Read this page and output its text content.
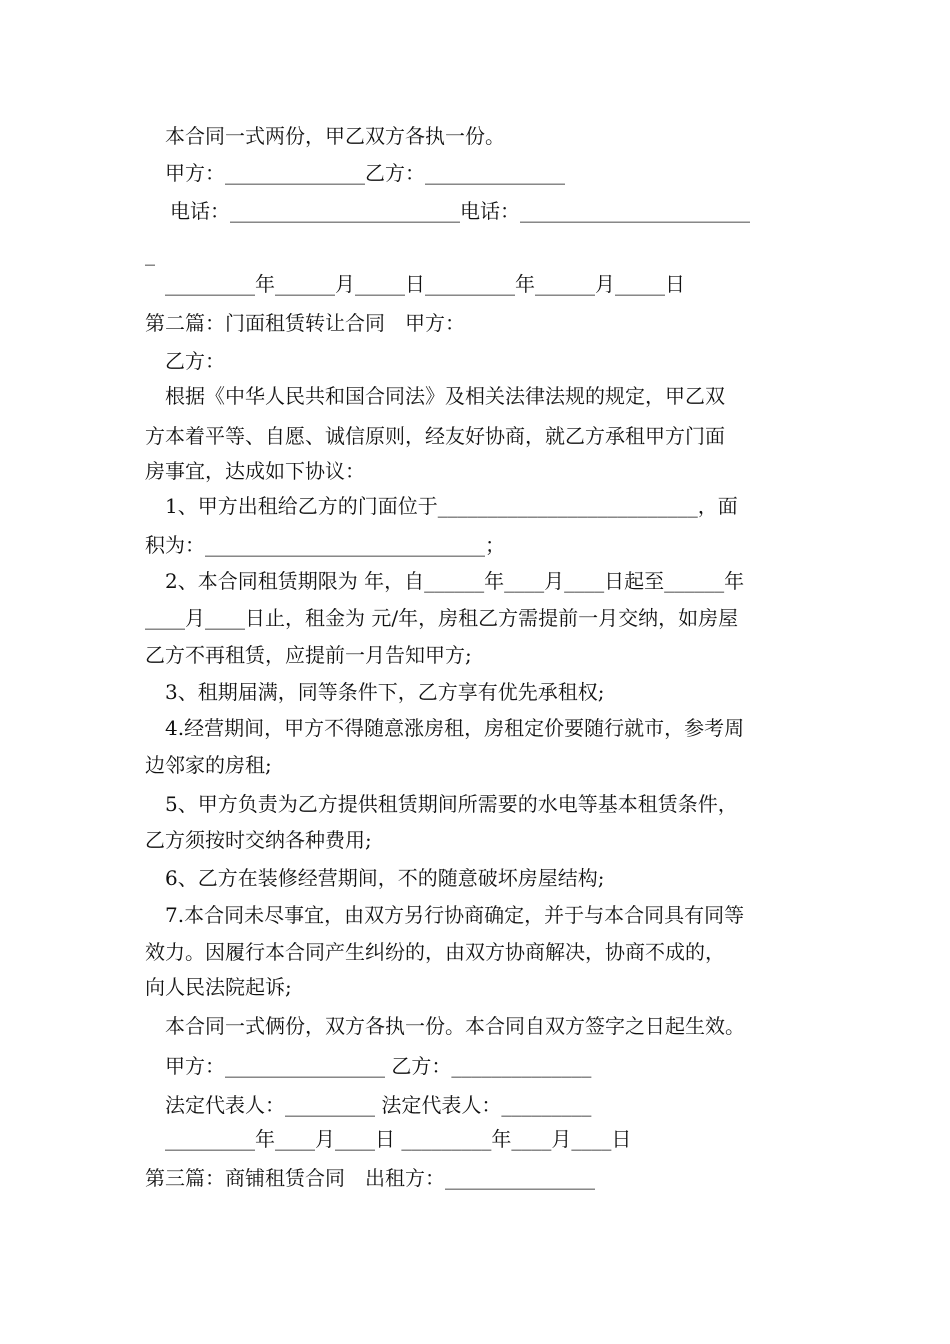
本合同一式两份，甲乙双方各执一份。
甲方：______________乙方：______________
电话：_______________________电话：_______________________
_
_________年______月_____日_________年______月_____日
第二篇：门面租赁转让合同　甲方：
乙方：
根据《中华人民共和国合同法》及相关法律法规的规定，甲乙双
方本着平等、自愿、诚信原则，经友好协商，就乙方承租甲方门面
房事宜，达成如下协议：
1、甲方出租给乙方的门面位于__________________________，面
积为：____________________________；
2、本合同租赁期限为 年，自______年____月____日起至______年
____月____日止，租金为 元/年，房租乙方需提前一月交纳，如房屋
乙方不再租赁，应提前一月告知甲方;
3、租期届满，同等条件下，乙方享有优先承租权;
4.经营期间，甲方不得随意涨房租，房租定价要随行就市，参考周
边邻家的房租;
5、甲方负责为乙方提供租赁期间所需要的水电等基本租赁条件，
乙方须按时交纳各种费用;
6、乙方在装修经营期间，不的随意破坏房屋结构;
7.本合同未尽事宜，由双方另行协商确定，并于与本合同具有同等
效力。因履行本合同产生纠纷的，由双方协商解决，协商不成的，
向人民法院起诉;
本合同一式俩份，双方各执一份。本合同自双方签字之日起生效。
甲方：________________ 乙方：______________
法定代表人：_________ 法定代表人：_________
_________年____月____日 _________年____月____日
第三篇：商铺租赁合同　出租方：_______________
